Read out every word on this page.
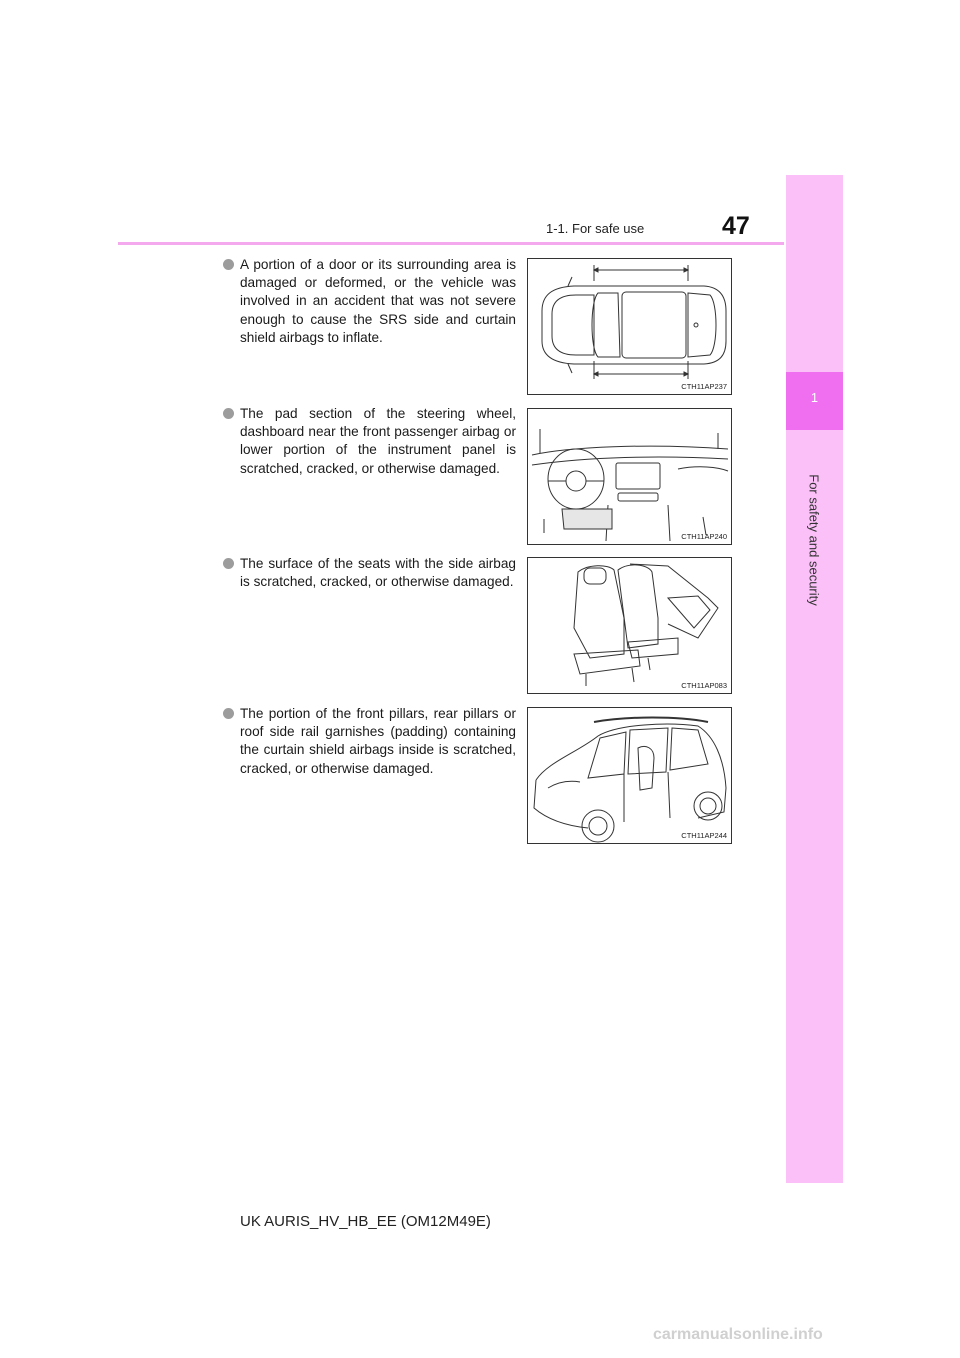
1-1. For safe use	47
1
For safety and security

A portion of a door or its surrounding area is damaged or deformed, or the vehicle was involved in an accident that was not severe enough to cause the SRS side and curtain shield airbags to inflate.

CTH11AP237

The pad section of the steering wheel, dashboard near the front passenger airbag or lower portion of the instrument panel is scratched, cracked, or otherwise damaged.

CTH11AP240

The surface of the seats with the side airbag is scratched, cracked, or otherwise damaged.

CTH11AP083

The portion of the front pillars, rear pillars or roof side rail garnishes (padding) containing the curtain shield airbags inside is scratched, cracked, or otherwise damaged.

CTH11AP244
UK AURIS_HV_HB_EE (OM12M49E)
carmanualsonline.info
